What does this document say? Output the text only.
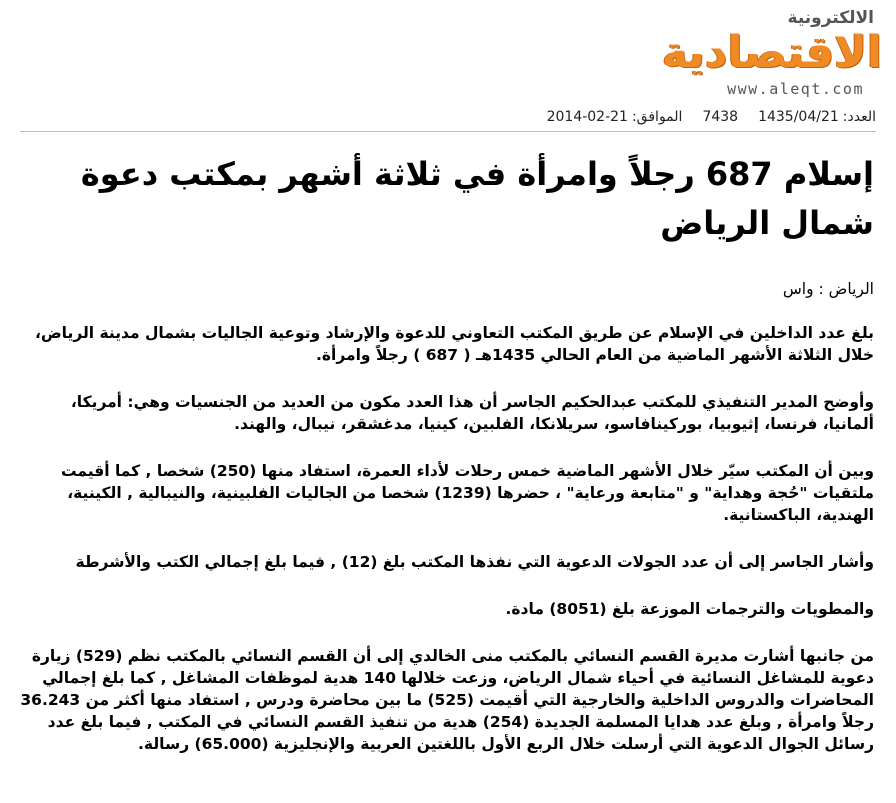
الالكترونية
الاقتصادية
www.aleqt.com
العدد:7438 1435/04/21الموافق:2014-02-21
إسلام 687 رجلاً وامرأة في ثلاثة أشهر بمكتب دعوة شمال الرياض

الرياض : واس

بلغ عدد الداخلين في الإسلام عن طريق المكتب التعاوني للدعوة والإرشاد وتوعية الجاليات بشمال مدينة الرياض، خلال الثلاثة الأشهر الماضية من العام الحالي 1435هـ ( 687 ) رجلاً وامرأة.

وأوضح المدير التنفيذي للمكتب عبدالحكيم الجاسر أن هذا العدد مكون من العديد من الجنسيات وهي: أمريكا، ألمانيا، فرنسا، إثيوبيا، بوركينافاسو، سريلانكا، الفلبين، كينيا، مدغشقر، نيبال، والهند.

وبين أن المكتب سيّر خلال الأشهر الماضية خمس رحلات لأداء العمرة، استفاد منها (250) شخصا , كما أقيمت ملتقيات "حُجة وهداية" و "متابعة ورعاية" ، حضرها (1239) شخصا من الجاليات الفلبينية، والنيبالية , الكينية، الهندية، الباكستانية.

وأشار الجاسر إلى أن عدد الجولات الدعوية التي نفذها المكتب بلغ (12) , فيما بلغ إجمالي الكتب والأشرطة

والمطويات والترجمات الموزعة بلغ (8051) مادة.

من جانبها أشارت مديرة القسم النسائي بالمكتب منى الخالدي إلى أن القسم النسائي بالمكتب نظم (529) زيارة دعوية للمشاغل النسائية في أحياء شمال الرياض، وزعت خلالها 140 هدية لموظفات المشاغل , كما بلغ إجمالي المحاضرات والدروس الداخلية والخارجية التي أقيمت (525) ما بين محاضرة ودرس , استفاد منها أكثر من 36.243 رجلاً وامرأة , وبلغ عدد هدايا المسلمة الجديدة (254) هدية من تنفيذ القسم النسائي في المكتب , فيما بلغ عدد رسائل الجوال الدعوية التي أرسلت خلال الربع الأول باللغتين العربية والإنجليزية (65.000) رسالة.
